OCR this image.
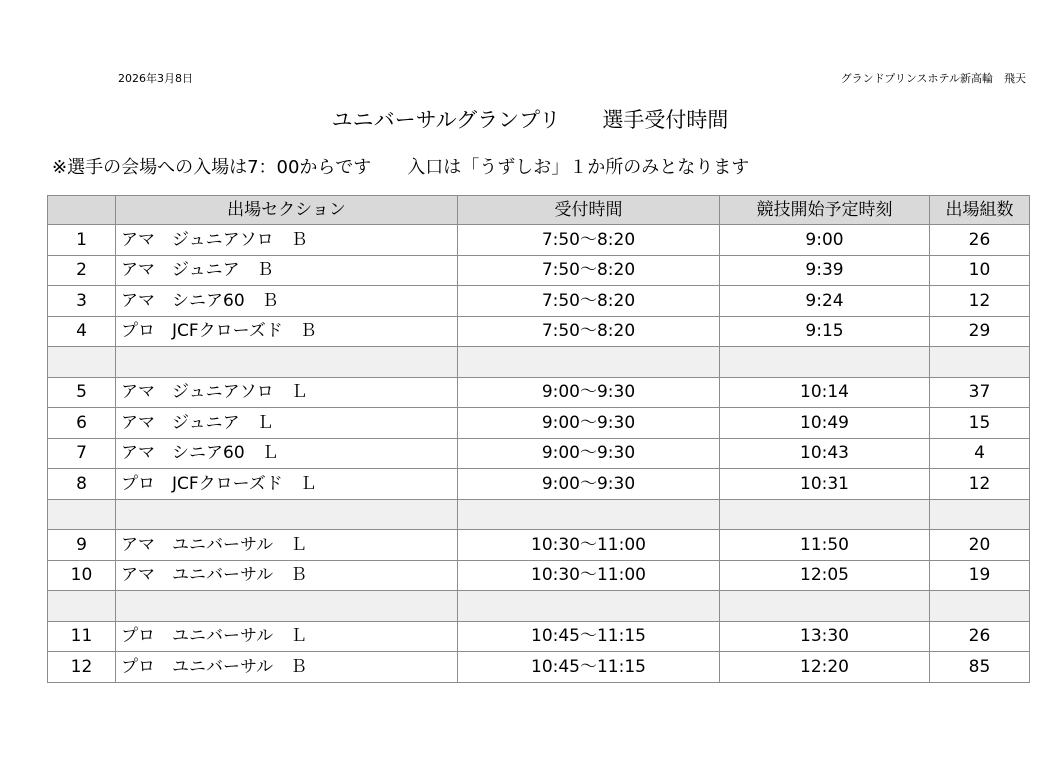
2026年3月8日	グランドプリンスホテル新高輪　飛天
ユニバーサルグランプリ　　選手受付時間
※選手の会場への入場は7：00からです　　入口は「うずしお」１か所のみとなります
	出場セクション	受付時間	競技開始予定時刻	出場組数
1	アマ　ジュニアソロ　Ｂ	7:50～8:20	9:00	26
2	アマ　ジュニア　Ｂ	7:50～8:20	9:39	10
3	アマ　シニア60　Ｂ	7:50～8:20	9:24	12
4	プロ　JCFクローズド　Ｂ	7:50～8:20	9:15	29

5	アマ　ジュニアソロ　Ｌ	9:00～9:30	10:14	37
6	アマ　ジュニア　Ｌ	9:00～9:30	10:49	15
7	アマ　シニア60　Ｌ	9:00～9:30	10:43	4
8	プロ　JCFクローズド　Ｌ	9:00～9:30	10:31	12

9	アマ　ユニバーサル　Ｌ	10:30～11:00	11:50	20
10	アマ　ユニバーサル　Ｂ	10:30～11:00	12:05	19

11	プロ　ユニバーサル　Ｌ	10:45～11:15	13:30	26
12	プロ　ユニバーサル　Ｂ	10:45～11:15	12:20	85
